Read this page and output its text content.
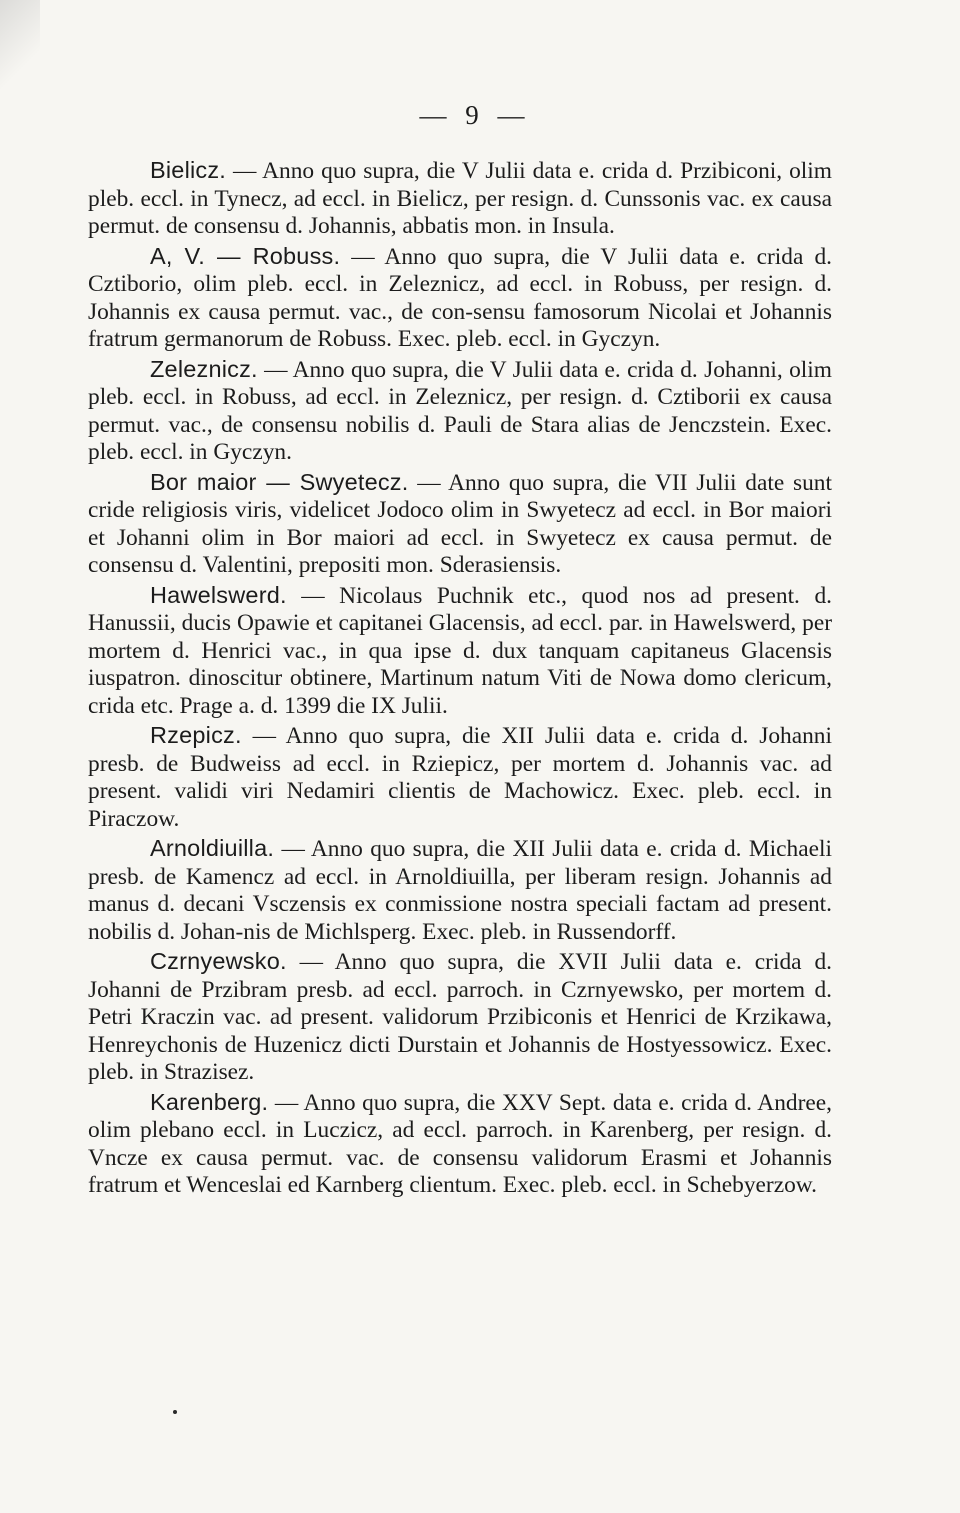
— 9 —

Bielicz. — Anno quo supra, die V Julii data e. crida d. Przibiconi, olim pleb. eccl. in Tynecz, ad eccl. in Bielicz, per resign. d. Cunssonis vac. ex causa permut. de consensu d. Johannis, abbatis mon. in Insula.

A, V. — Robuss. — Anno quo supra, die V Julii data e. crida d. Cztiborio, olim pleb. eccl. in Zeleznicz, ad eccl. in Robuss, per resign. d. Johannis ex causa permut. vac., de con-sensu famosorum Nicolai et Johannis fratrum germanorum de Robuss. Exec. pleb. eccl. in Gyczyn.

Zeleznicz. — Anno quo supra, die V Julii data e. crida d. Johanni, olim pleb. eccl. in Robuss, ad eccl. in Zeleznicz, per resign. d. Cztiborii ex causa permut. vac., de consensu nobilis d. Pauli de Stara alias de Jenczstein. Exec. pleb. eccl. in Gyczyn.

Bor maior — Swyetecz. — Anno quo supra, die VII Julii date sunt cride religiosis viris, videlicet Jodoco olim in Swyetecz ad eccl. in Bor maiori et Johanni olim in Bor maiori ad eccl. in Swyetecz ex causa permut. de consensu d. Valentini, prepositi mon. Sderasiensis.

Hawelswerd. — Nicolaus Puchnik etc., quod nos ad present. d. Hanussii, ducis Opawie et capitanei Glacensis, ad eccl. par. in Hawelswerd, per mortem d. Henrici vac., in qua ipse d. dux tanquam capitaneus Glacensis iuspatron. dinoscitur obtinere, Martinum natum Viti de Nowa domo clericum, crida etc. Prage a. d. 1399 die IX Julii.

Rzepicz. — Anno quo supra, die XII Julii data e. crida d. Johanni presb. de Budweiss ad eccl. in Rziepicz, per mortem d. Johannis vac. ad present. validi viri Nedamiri clientis de Machowicz. Exec. pleb. eccl. in Piraczow.

Arnoldiuilla. — Anno quo supra, die XII Julii data e. crida d. Michaeli presb. de Kamencz ad eccl. in Arnoldiuilla, per liberam resign. Johannis ad manus d. decani Vsczensis ex conmissione nostra speciali factam ad present. nobilis d. Johan-nis de Michlsperg. Exec. pleb. in Russendorff.

Czrnyewsko. — Anno quo supra, die XVII Julii data e. crida d. Johanni de Przibram presb. ad eccl. parroch. in Czrnyewsko, per mortem d. Petri Kraczin vac. ad present. validorum Przibiconis et Henrici de Krzikawa, Henreychonis de Huzenicz dicti Durstain et Johannis de Hostyessowicz. Exec. pleb. in Strazisez.

Karenberg. — Anno quo supra, die XXV Sept. data e. crida d. Andree, olim plebano eccl. in Luczicz, ad eccl. parroch. in Karenberg, per resign. d. Vncze ex causa permut. vac. de consensu validorum Erasmi et Johannis fratrum et Wenceslai ed Karnberg clientum. Exec. pleb. eccl. in Schebyerzow.
